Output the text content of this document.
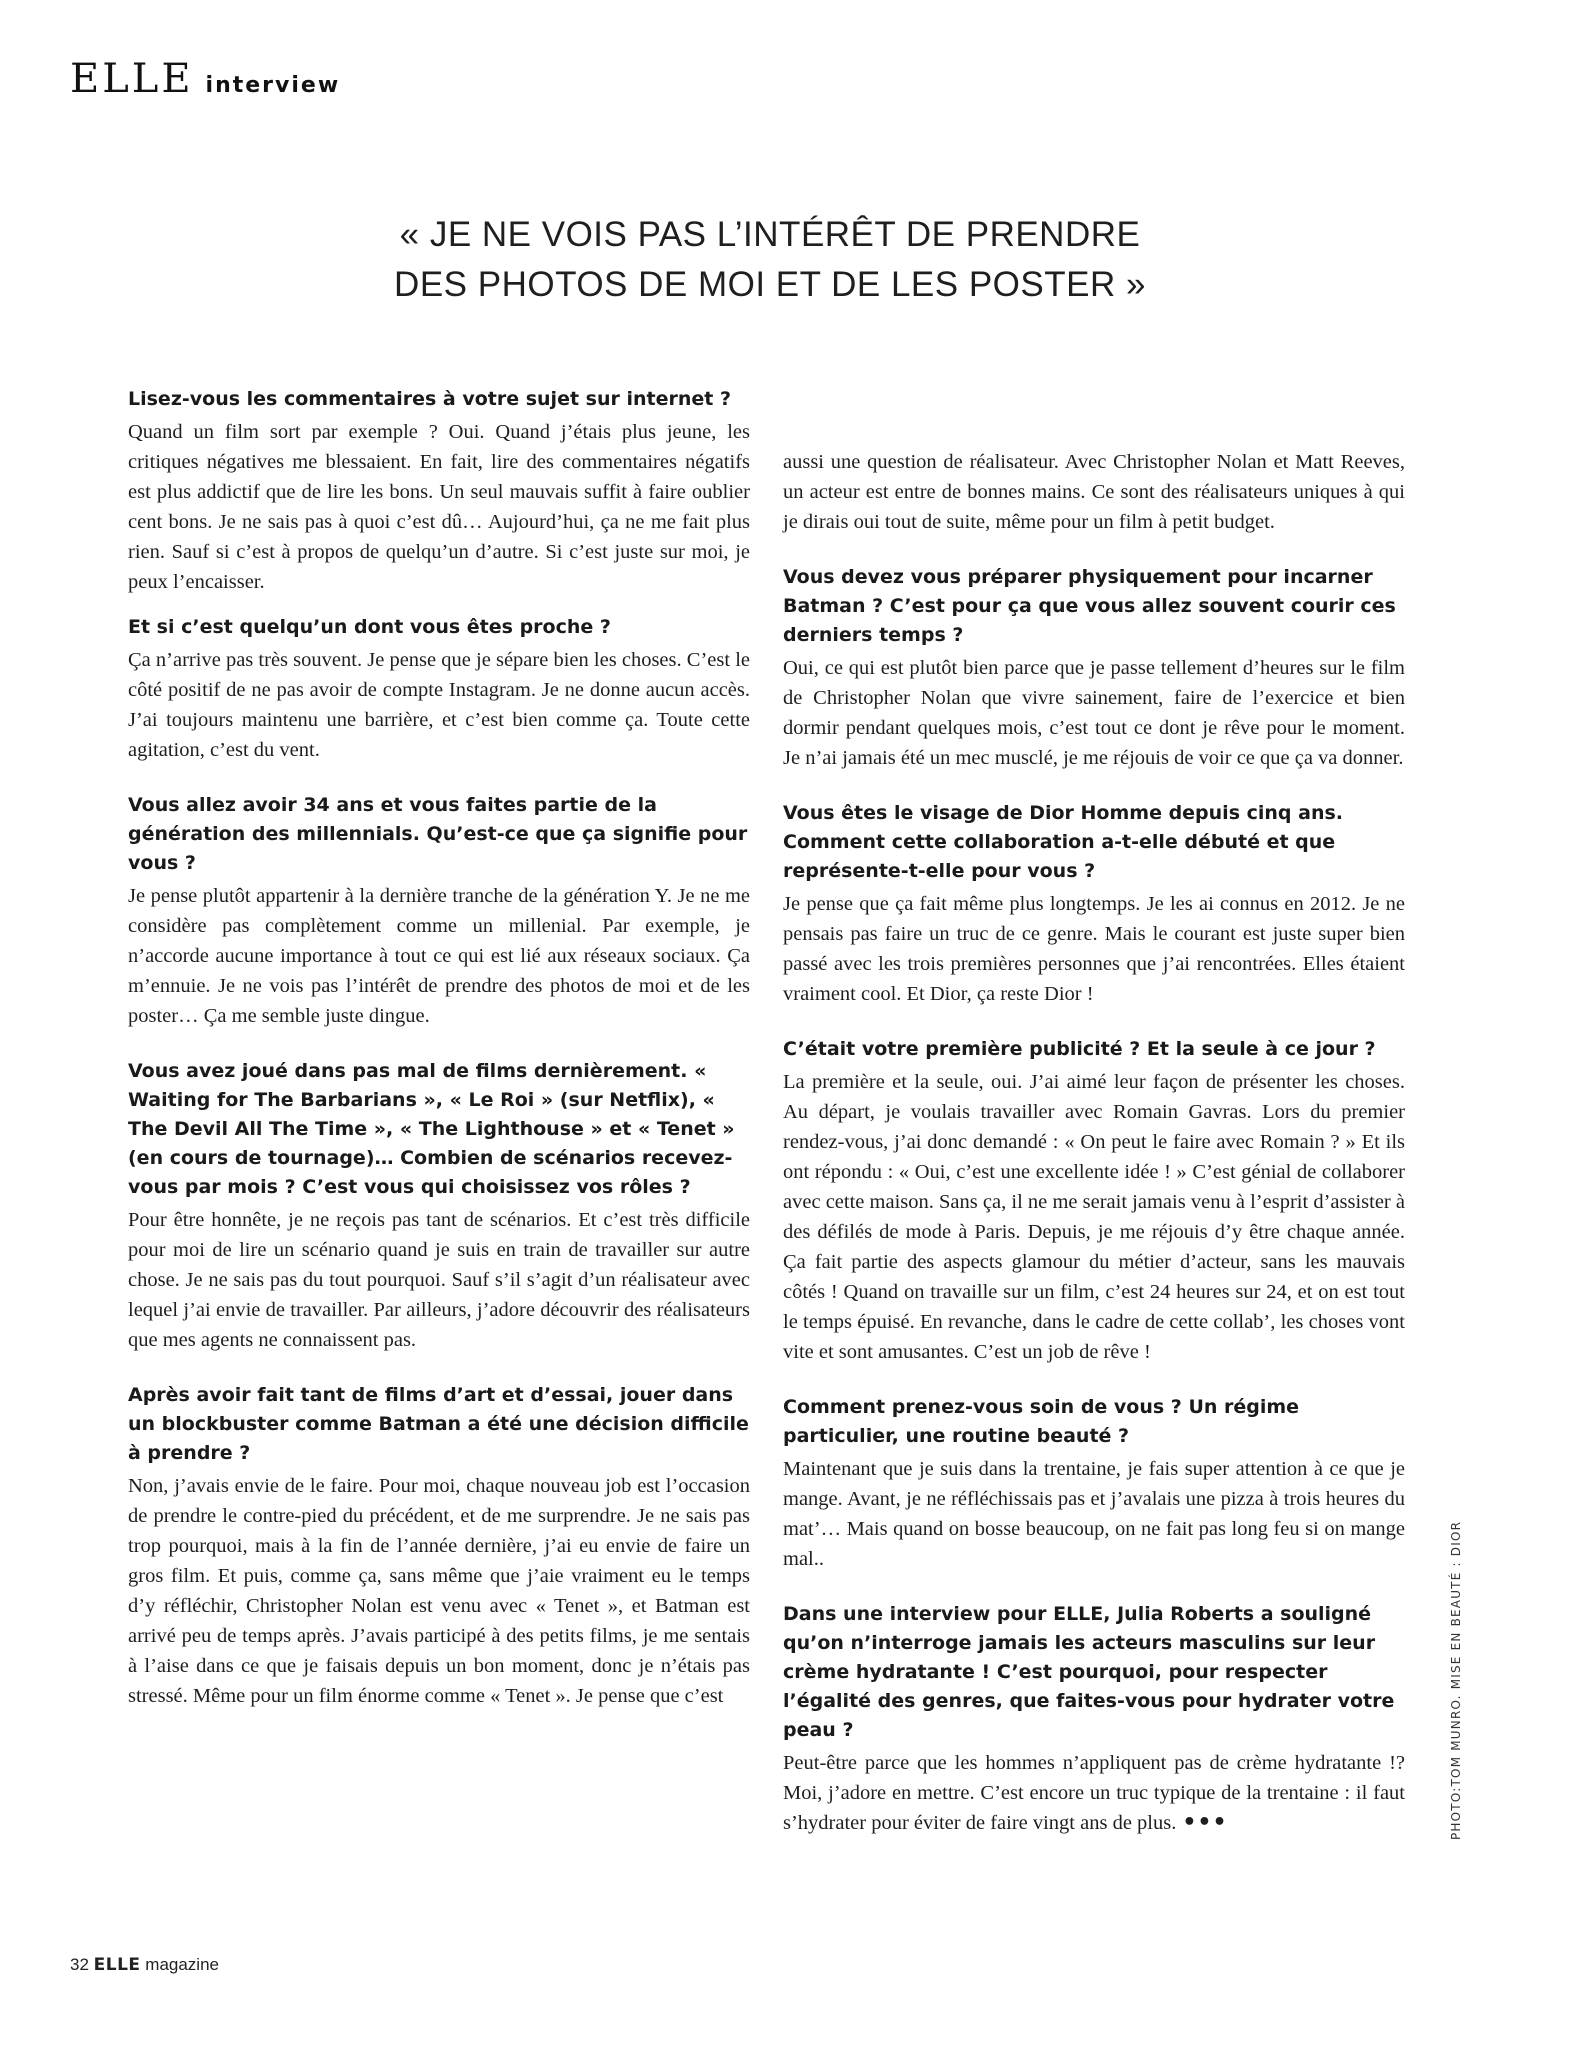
ELLE interview
« JE NE VOIS PAS L’INTÉRÊT DE PRENDRE
DES PHOTOS DE MOI ET DE LES POSTER »
Lisez-vous les commentaires à votre sujet sur internet ?
Quand un film sort par exemple ? Oui. Quand j’étais plus jeune, les critiques négatives me blessaient. En fait, lire des commentaires négatifs est plus addictif que de lire les bons. Un seul mauvais suffit à faire oublier cent bons. Je ne sais pas à quoi c’est dû… Aujourd’hui, ça ne me fait plus rien. Sauf si c’est à propos de quelqu’un d’autre. Si c’est juste sur moi, je peux l’encaisser.
Et si c’est quelqu’un dont vous êtes proche ?
Ça n’arrive pas très souvent. Je pense que je sépare bien les choses. C’est le côté positif de ne pas avoir de compte Instagram. Je ne donne aucun accès. J’ai toujours maintenu une barrière, et c’est bien comme ça. Toute cette agitation, c’est du vent.
Vous allez avoir 34 ans et vous faites partie de la génération des millennials. Qu’est-ce que ça signifie pour vous ?
Je pense plutôt appartenir à la dernière tranche de la génération Y. Je ne me considère pas complètement comme un millenial. Par exemple, je n’accorde aucune importance à tout ce qui est lié aux réseaux sociaux. Ça m’ennuie. Je ne vois pas l’intérêt de prendre des photos de moi et de les poster… Ça me semble juste dingue.
Vous avez joué dans pas mal de films dernièrement. « Waiting for The Barbarians », « Le Roi » (sur Netflix), « The Devil All The Time », « The Lighthouse » et « Tenet » (en cours de tournage)… Combien de scénarios recevez-vous par mois ? C’est vous qui choisissez vos rôles ?
Pour être honnête, je ne reçois pas tant de scénarios. Et c’est très difficile pour moi de lire un scénario quand je suis en train de travailler sur autre chose. Je ne sais pas du tout pourquoi. Sauf s’il s’agit d’un réalisateur avec lequel j’ai envie de travailler. Par ailleurs, j’adore découvrir des réalisateurs que mes agents ne connaissent pas.
Après avoir fait tant de films d’art et d’essai, jouer dans un blockbuster comme Batman a été une décision difficile à prendre ?
Non, j’avais envie de le faire. Pour moi, chaque nouveau job est l’occasion de prendre le contre-pied du précédent, et de me surprendre. Je ne sais pas trop pourquoi, mais à la fin de l’année dernière, j’ai eu envie de faire un gros film. Et puis, comme ça, sans même que j’aie vraiment eu le temps d’y réfléchir, Christopher Nolan est venu avec « Tenet », et Batman est arrivé peu de temps après. J’avais participé à des petits films, je me sentais à l’aise dans ce que je faisais depuis un bon moment, donc je n’étais pas stressé. Même pour un film énorme comme « Tenet ». Je pense que c’est
aussi une question de réalisateur. Avec Christopher Nolan et Matt Reeves, un acteur est entre de bonnes mains. Ce sont des réalisateurs uniques à qui je dirais oui tout de suite, même pour un film à petit budget.
Vous devez vous préparer physiquement pour incarner Batman ? C’est pour ça que vous allez souvent courir ces derniers temps ?
Oui, ce qui est plutôt bien parce que je passe tellement d’heures sur le film de Christopher Nolan que vivre sainement, faire de l’exercice et bien dormir pendant quelques mois, c’est tout ce dont je rêve pour le moment. Je n’ai jamais été un mec musclé, je me réjouis de voir ce que ça va donner.
Vous êtes le visage de Dior Homme depuis cinq ans. Comment cette collaboration a-t-elle débuté et que représente-t-elle pour vous ?
Je pense que ça fait même plus longtemps. Je les ai connus en 2012. Je ne pensais pas faire un truc de ce genre. Mais le courant est juste super bien passé avec les trois premières personnes que j’ai rencontrées. Elles étaient vraiment cool. Et Dior, ça reste Dior !
C’était votre première publicité ? Et la seule à ce jour ?
La première et la seule, oui. J’ai aimé leur façon de présenter les choses. Au départ, je voulais travailler avec Romain Gavras. Lors du premier rendez-vous, j’ai donc demandé : « On peut le faire avec Romain ? » Et ils ont répondu : « Oui, c’est une excellente idée ! » C’est génial de collaborer avec cette maison. Sans ça, il ne me serait jamais venu à l’esprit d’assister à des défilés de mode à Paris. Depuis, je me réjouis d’y être chaque année. Ça fait partie des aspects glamour du métier d’acteur, sans les mauvais côtés ! Quand on travaille sur un film, c’est 24 heures sur 24, et on est tout le temps épuisé. En revanche, dans le cadre de cette collab’, les choses vont vite et sont amusantes. C’est un job de rêve !
Comment prenez-vous soin de vous ? Un régime particulier, une routine beauté ?
Maintenant que je suis dans la trentaine, je fais super attention à ce que je mange. Avant, je ne réfléchissais pas et j’avalais une pizza à trois heures du mat’… Mais quand on bosse beaucoup, on ne fait pas long feu si on mange mal..
Dans une interview pour ELLE, Julia Roberts a souligné qu’on n’interroge jamais les acteurs masculins sur leur crème hydratante ! C’est pourquoi, pour respecter l’égalité des genres, que faites-vous pour hydrater votre peau ?
Peut-être parce que les hommes n’appliquent pas de crème hydratante !? Moi, j’adore en mettre. C’est encore un truc typique de la trentaine : il faut s’hydrater pour éviter de faire vingt ans de plus. •••	PHOTO:TOM MUNRO. MISE EN BEAUTÉ : DIOR
32 ELLE magazine
